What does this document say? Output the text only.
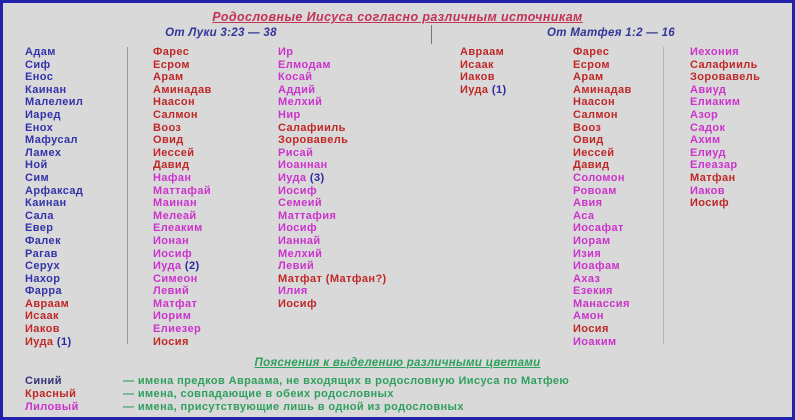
Родословные Иисуса согласно различным источникам
От Луки 3:23 — 38	От Матфея 1:2 — 16
Адам
Сиф
Енос
Каинан
Малелеил
Иаред
Енох
Мафусал
Ламех
Ной
Сим
Арфаксад
Каинан
Сала
Евер
Фалек
Рагав
Серух
Нахор
Фарра
Авраам
Исаак
Иаков
Иуда (1)
Фарес
Есром
Арам
Аминадав
Наасон
Салмон
Вооз
Овид
Иессей
Давид
Нафан
Маттафай
Маинан
Мелеай
Елеаким
Ионан
Иосиф
Иуда (2)
Симеон
Левий
Матфат
Иорим
Елиезер
Иосия
Ир
Елмодам
Косай
Аддий
Мелхий
Нир
Салафииль
Зоровавель
Рисай
Иоаннан
Иуда (3)
Иосиф
Семеий
Маттафия
Иосиф
Ианнай
Мелхий
Левий
Матфат (Матфан?)
Илия
Иосиф
Авраам
Исаак
Иаков
Иуда (1)
Фарес
Есром
Арам
Аминадав
Наасон
Салмон
Вооз
Овид
Иессей
Давид
Соломон
Ровоам
Авия
Аса
Иосафат
Иорам
Изия
Иоафам
Ахаз
Езекия
Манассия
Амон
Иосия
Иоаким
Иехония
Салафииль
Зоровавель
Авиуд
Елиаким
Азор
Садок
Ахим
Елиуд
Елеазар
Матфан
Иаков
Иосиф
Пояснения к выделению различными цветами
Синий	— имена предков Авраама, не входящих в родословную Иисуса по Матфею
Красный	— имена, совпадающие в обеих родословных
Лиловый	— имена, присутствующие лишь в одной из родословных
